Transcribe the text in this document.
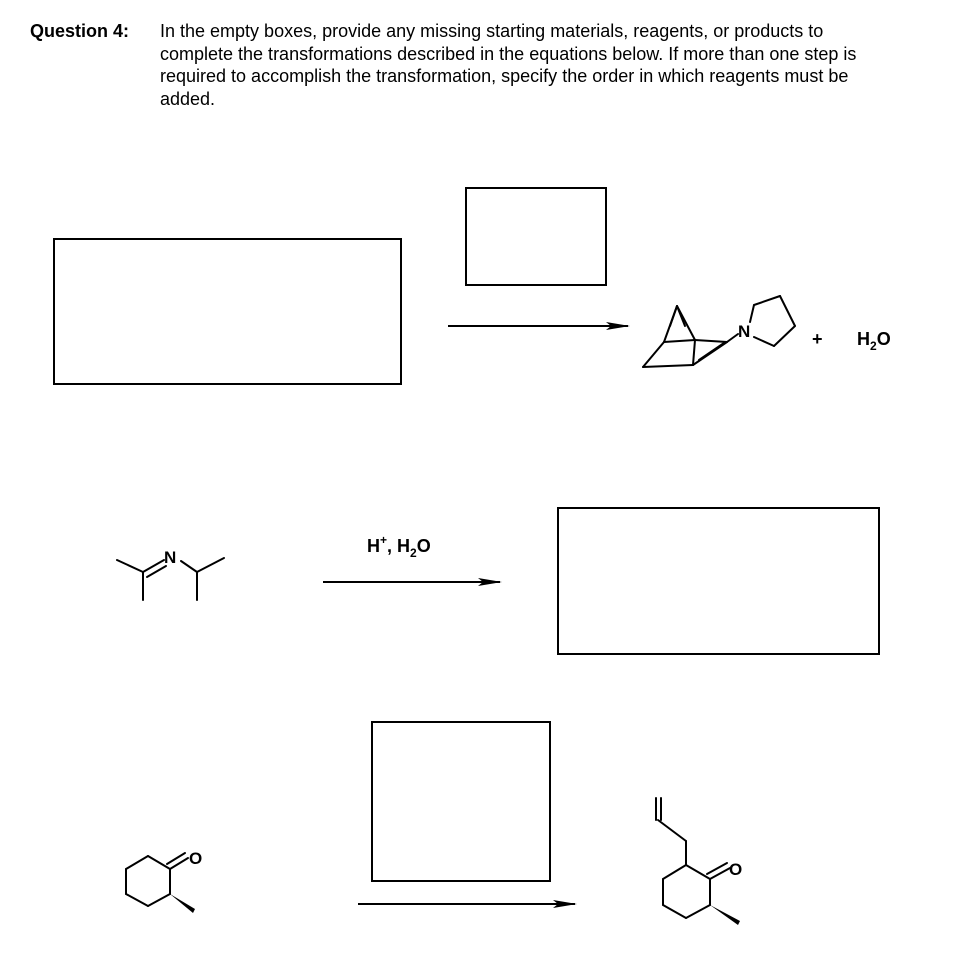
Question 4: In the empty boxes, provide any missing starting materials, reagents, or products to complete the transformations described in the equations below. If more than one step is required to accomplish the transformation, specify the order in which reagents must be added.
N	+ $H_2O$
N
H+, $H_2O$
O
O
